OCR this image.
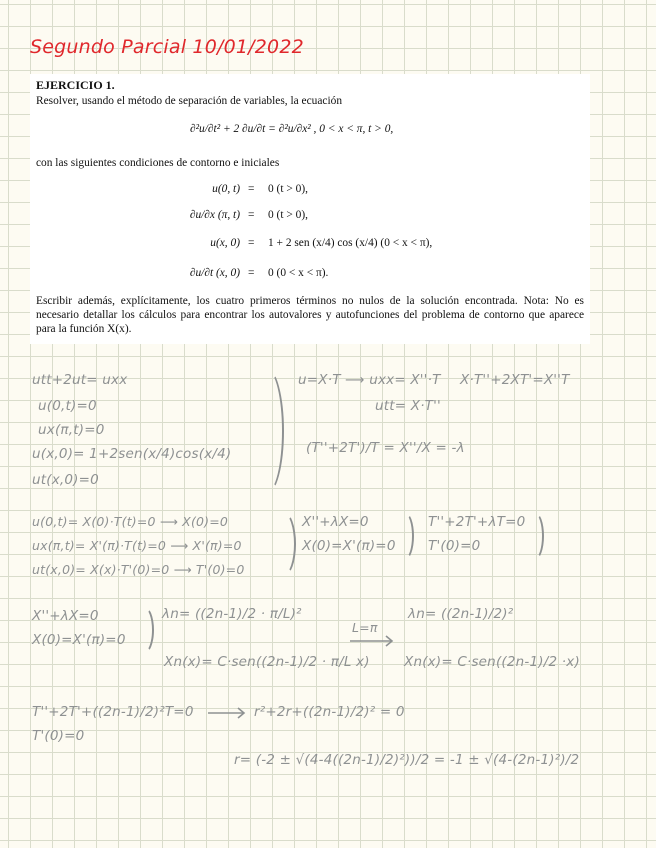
Segundo Parcial 10/01/2022
EJERCICIO 1.
Resolver, usando el método de separación de variables, la ecuación
∂²u/∂t² + 2 ∂u/∂t = ∂²u/∂x² , 0 < x < π, t > 0,
con las siguientes condiciones de contorno e iniciales
u(0, t) = 0 (t > 0),
∂u/∂x (π, t) = 0 (t > 0),
u(x, 0) = 1 + 2 sen (x/4) cos (x/4) (0 < x < π),
∂u/∂t (x, 0) = 0 (0 < x < π).
Escribir además, explícitamente, los cuatro primeros términos no nulos de la solución encontrada. Nota: No es necesario detallar los cálculos para encontrar los autovalores y autofunciones del problema de contorno que aparece para la función X(x).
utt+2ut= uxx
u(0,t)=0
ux(π,t)=0
u(x,0)= 1+2sen(x/4)cos(x/4)
ut(x,0)=0
u=X·T ⟶ uxx= X''·T
utt= X·T''
X·T''+2XT'=X''T
(T''+2T')/T = X''/X = -λ
u(0,t)= X(0)·T(t)=0 ⟶ X(0)=0
ux(π,t)= X'(π)·T(t)=0 ⟶ X'(π)=0
ut(x,0)= X(x)·T'(0)=0 ⟶ T'(0)=0
X''+λX=0
X(0)=X'(π)=0
T''+2T'+λT=0
T'(0)=0
X''+λX=0
X(0)=X'(π)=0
λn= ((2n-1)/2 · π/L)²
L=π
λn= ((2n-1)/2)²
Xn(x)= C·sen((2n-1)/2 · π/L x)	Xn(x)= C·sen((2n-1)/2 ·x)
T''+2T'+((2n-1)/2)²T=0
T'(0)=0
r²+2r+((2n-1)/2)² = 0
r= (-2 ± √(4-4((2n-1)/2)²))/2 = -1 ± √(4-(2n-1)²)/2
